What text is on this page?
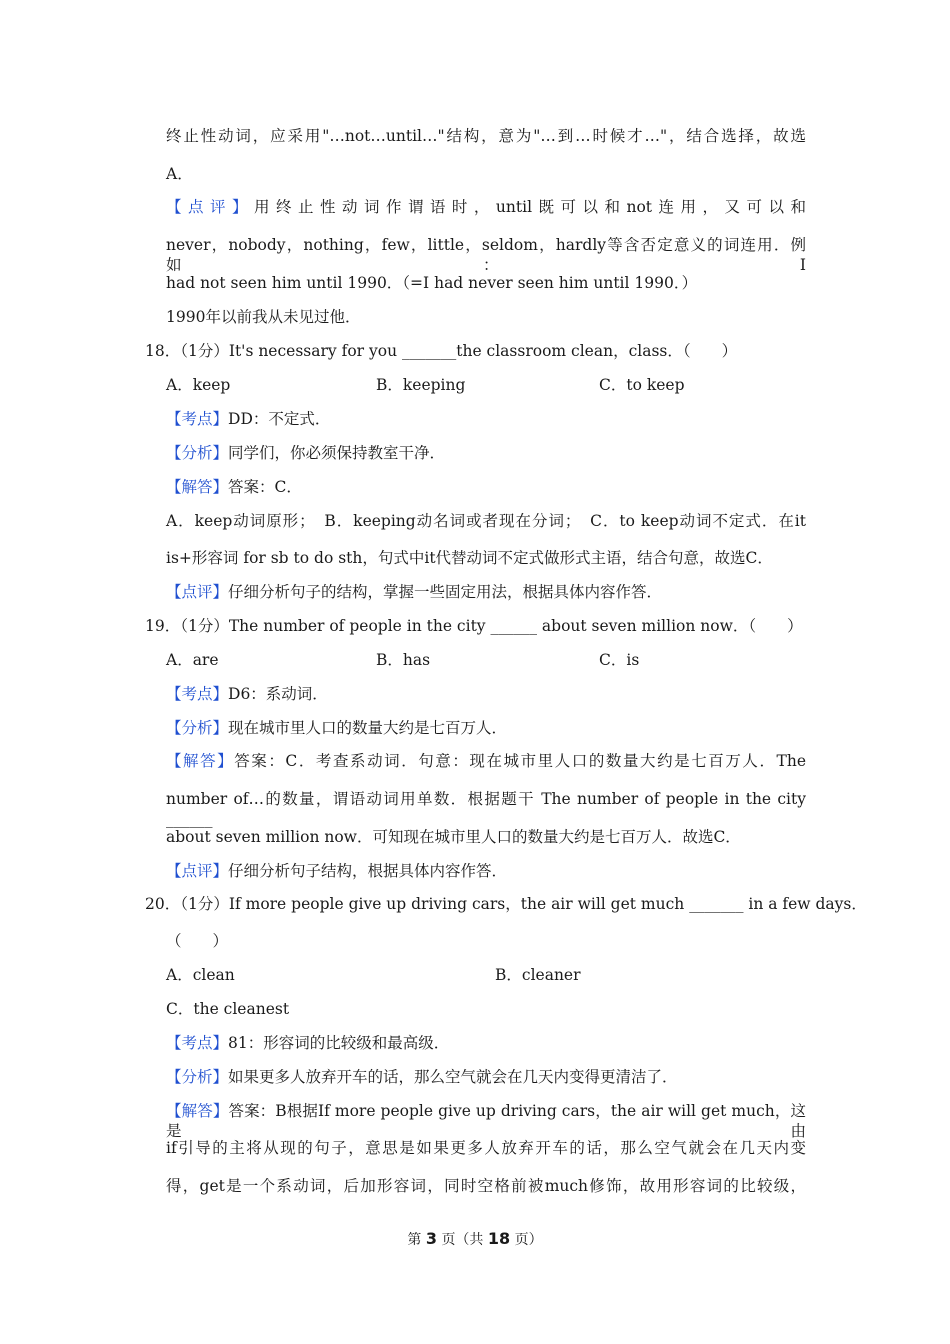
终止性动词，应采用"…not…until…"结构，意为"…到…时候才…"，结合选择，故选
A．
【点评】用终止性动词作谓语时，until既可以和not连用，又可以和
never，nobody，nothing，few，little，seldom，hardly等含否定意义的词连用．例如：I
had not seen him until 1990．（=I had never seen him until 1990．）
1990年以前我从未见过他．
18．（1分）It's necessary for you _______the classroom clean，class．（　　）
A．keep	B．keeping	C．to keep
【考点】DD：不定式．
【分析】同学们，你必须保持教室干净．
【解答】答案：C．
A．keep动词原形；　B．keeping动名词或者现在分词；　C．to keep动词不定式．在it
is+形容词 for sb to do sth，句式中it代替动词不定式做形式主语，结合句意，故选C．
【点评】仔细分析句子的结构，掌握一些固定用法，根据具体内容作答．
19．（1分）The number of people in the city ______ about seven million now．（　　）
A．are	B．has	C．is
【考点】D6：系动词．
【分析】现在城市里人口的数量大约是七百万人．
【解答】答案：C．考查系动词．句意：现在城市里人口的数量大约是七百万人．The
number of…的数量，谓语动词用单数．根据题干 The number of people in the city ______
about seven million now．可知现在城市里人口的数量大约是七百万人．故选C．
【点评】仔细分析句子结构，根据具体内容作答．
20．（1分）If more people give up driving cars，the air will get much _______ in a few days．
（　　）
A．clean	B．cleaner
C．the cleanest
【考点】81：形容词的比较级和最高级．
【分析】如果更多人放弃开车的话，那么空气就会在几天内变得更清洁了．
【解答】答案：B根据If more people give up driving cars，the air will get much，这是由
if引导的主将从现的句子，意思是如果更多人放弃开车的话，那么空气就会在几天内变
得，get是一个系动词，后加形容词，同时空格前被much修饰，故用形容词的比较级，
第 3 页（共 18 页）
